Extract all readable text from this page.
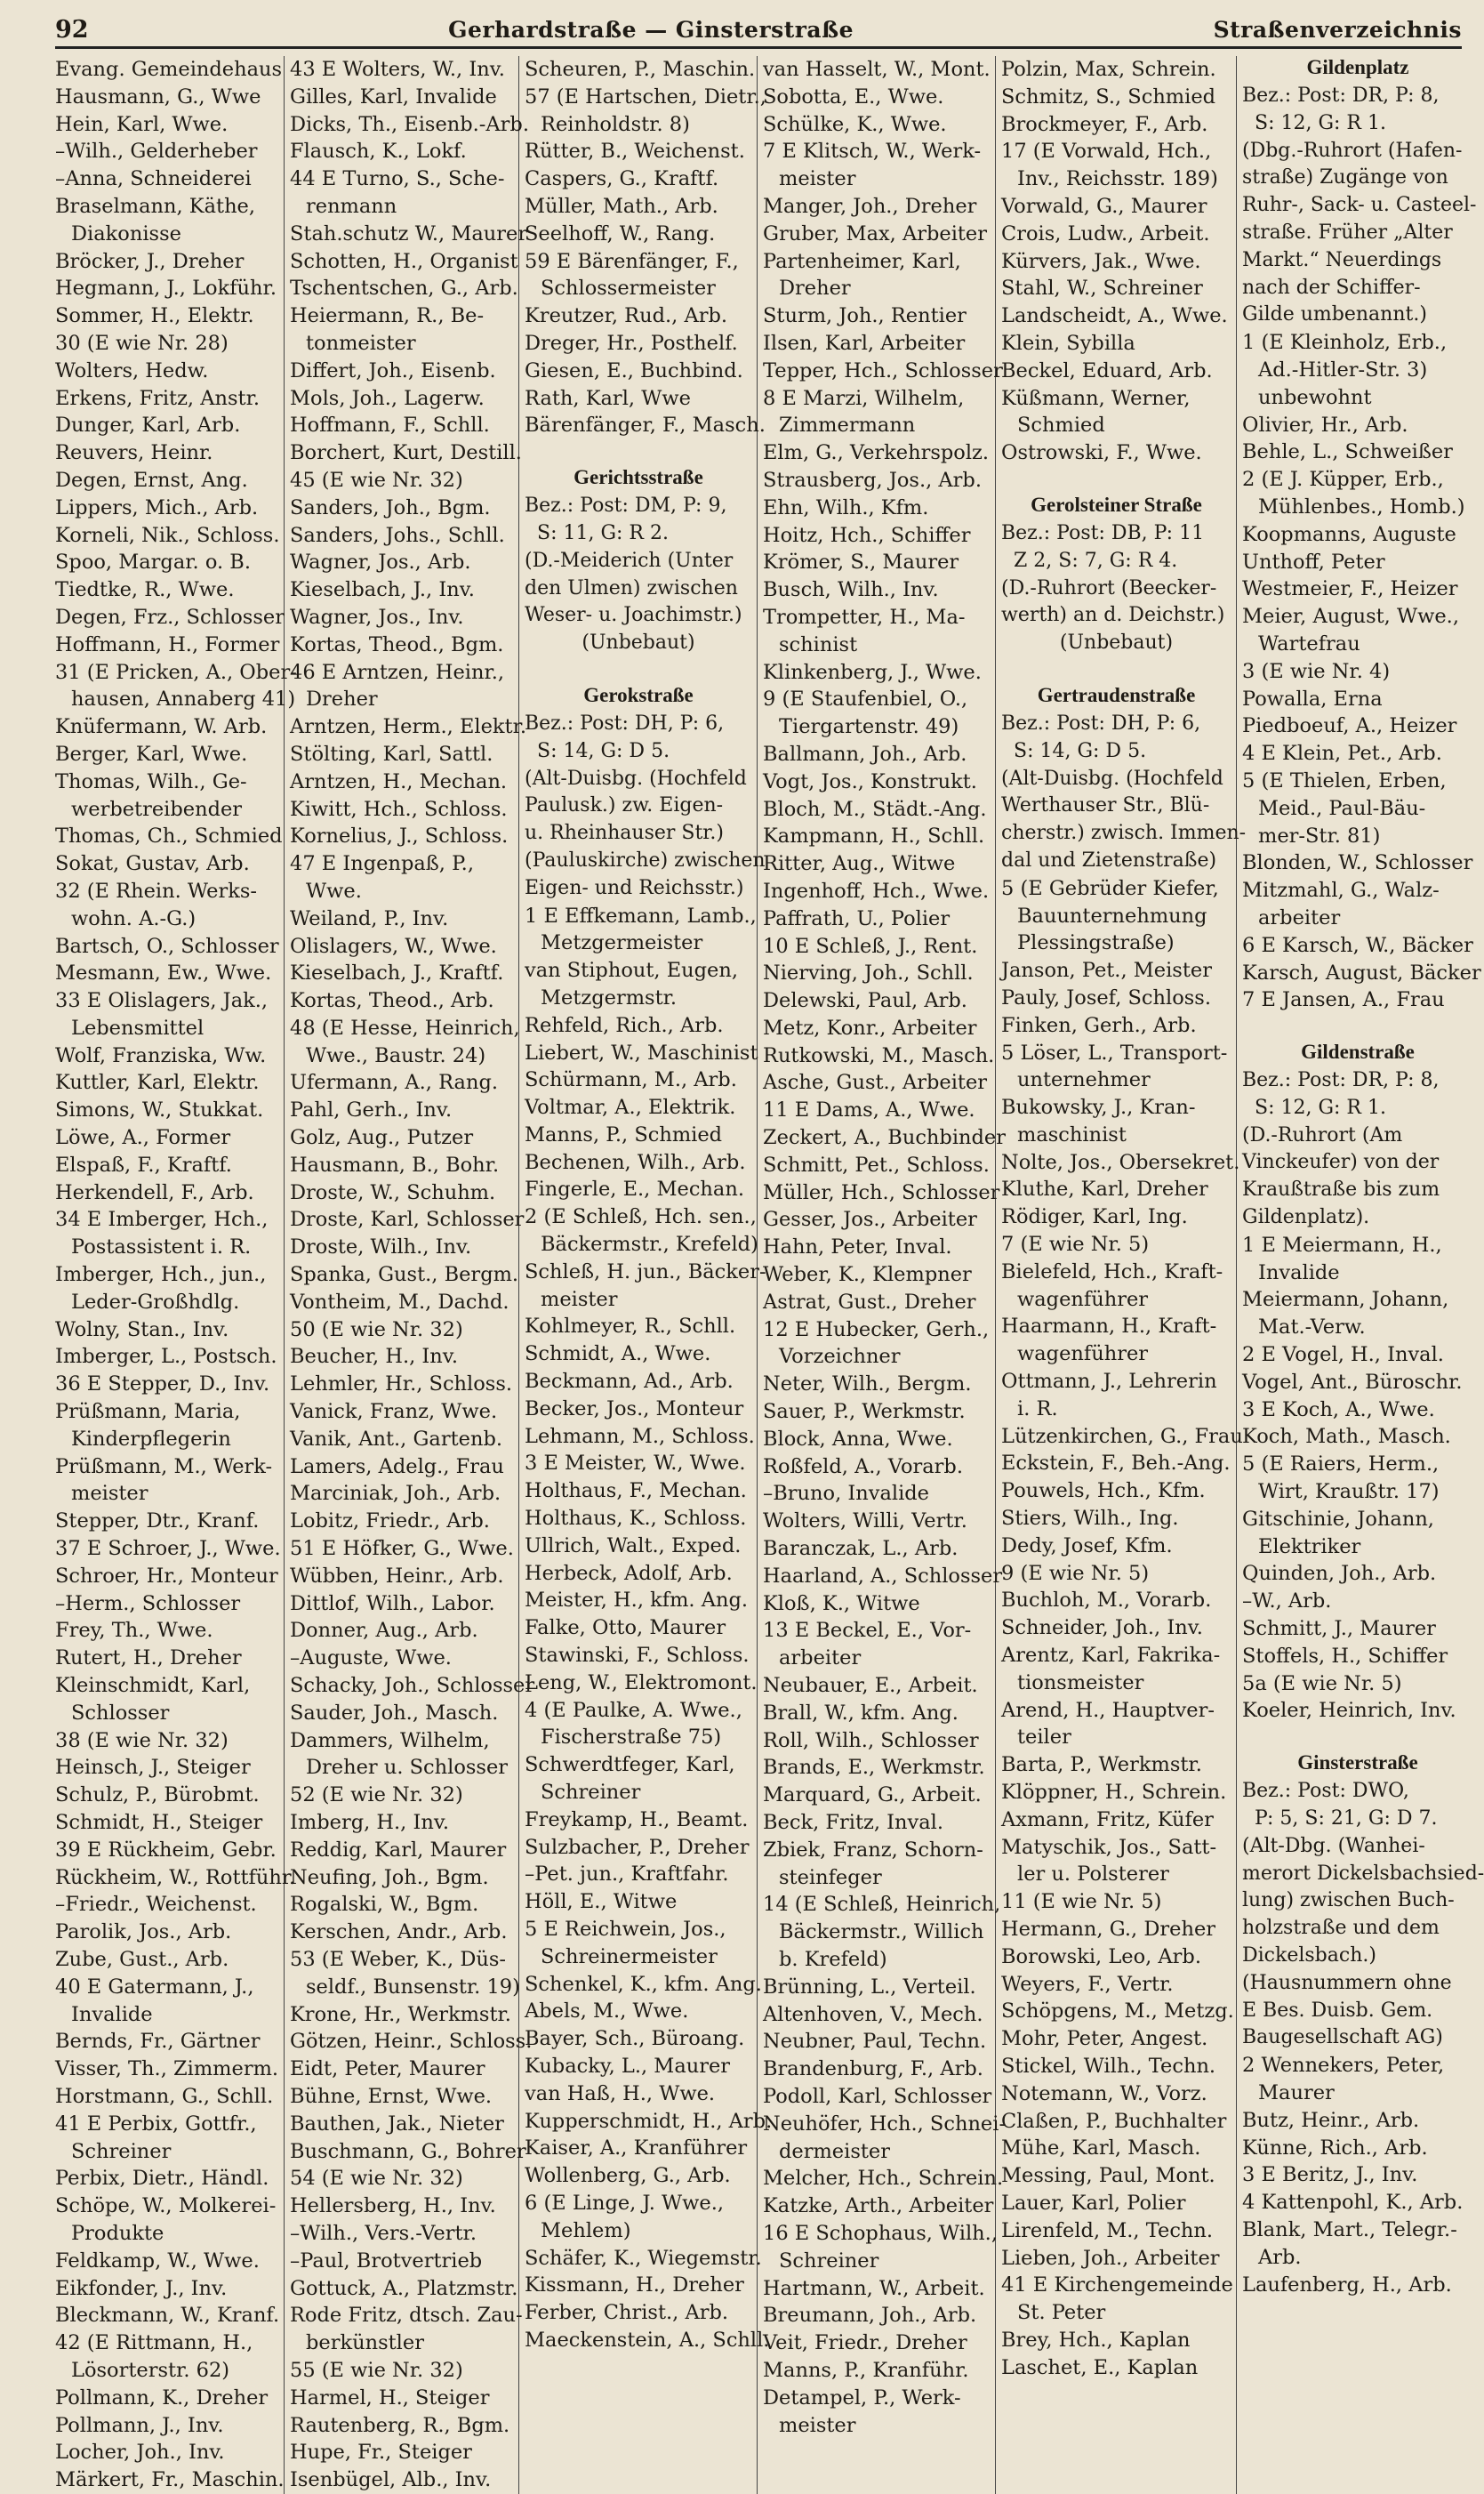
92	Gerhardstraße — Ginsterstraße	Straßenverzeichnis
Evang. Gemeindehaus
Hausmann, G., Wwe
Hein, Karl, Wwe.
–Wilh., Gelderheber
–Anna, Schneiderei
Braselmann, Käthe,
Diakonisse
Bröcker, J., Dreher
Hegmann, J., Lokführ.
Sommer, H., Elektr.
30 (E wie Nr. 28)
Wolters, Hedw.
Erkens, Fritz, Anstr.
Dunger, Karl, Arb.
Reuvers, Heinr.
Degen, Ernst, Ang.
Lippers, Mich., Arb.
Korneli, Nik., Schloss.
Spoo, Margar. o. B.
Tiedtke, R., Wwe.
Degen, Frz., Schlosser
Hoffmann, H., Former
31 (E Pricken, A., Ober-
hausen, Annaberg 41)
Knüfermann, W. Arb.
Berger, Karl, Wwe.
Thomas, Wilh., Ge-
werbetreibender
Thomas, Ch., Schmied
Sokat, Gustav, Arb.
32 (E Rhein. Werks-
wohn. A.-G.)
Bartsch, O., Schlosser
Mesmann, Ew., Wwe.
33 E Olislagers, Jak.,
Lebensmittel
Wolf, Franziska, Ww.
Kuttler, Karl, Elektr.
Simons, W., Stukkat.
Löwe, A., Former
Elspaß, F., Kraftf.
Herkendell, F., Arb.
34 E Imberger, Hch.,
Postassistent i. R.
Imberger, Hch., jun.,
Leder-Großhdlg.
Wolny, Stan., Inv.
Imberger, L., Postsch.
36 E Stepper, D., Inv.
Prüßmann, Maria,
Kinderpflegerin
Prüßmann, M., Werk-
meister
Stepper, Dtr., Kranf.
37 E Schroer, J., Wwe.
Schroer, Hr., Monteur
–Herm., Schlosser
Frey, Th., Wwe.
Rutert, H., Dreher
Kleinschmidt, Karl,
Schlosser
38 (E wie Nr. 32)
Heinsch, J., Steiger
Schulz, P., Bürobmt.
Schmidt, H., Steiger
39 E Rückheim, Gebr.
Rückheim, W., Rottführ.
–Friedr., Weichenst.
Parolik, Jos., Arb.
Zube, Gust., Arb.
40 E Gatermann, J.,
Invalide
Bernds, Fr., Gärtner
Visser, Th., Zimmerm.
Horstmann, G., Schll.
41 E Perbix, Gottfr.,
Schreiner
Perbix, Dietr., Händl.
Schöpe, W., Molkerei-
Produkte
Feldkamp, W., Wwe.
Eikfonder, J., Inv.
Bleckmann, W., Kranf.
42 (E Rittmann, H.,
Lösorterstr. 62)
Pollmann, K., Dreher
Pollmann, J., Inv.
Locher, Joh., Inv.
Märkert, Fr., Maschin.
43 E Wolters, W., Inv.
Gilles, Karl, Invalide
Dicks, Th., Eisenb.-Arb.
Flausch, K., Lokf.
44 E Turno, S., Sche-
renmann
Stah.schutz W., Maurer
Schotten, H., Organist
Tschentschen, G., Arb.
Heiermann, R., Be-
tonmeister
Differt, Joh., Eisenb.
Mols, Joh., Lagerw.
Hoffmann, F., Schll.
Borchert, Kurt, Destill.
45 (E wie Nr. 32)
Sanders, Joh., Bgm.
Sanders, Johs., Schll.
Wagner, Jos., Arb.
Kieselbach, J., Inv.
Wagner, Jos., Inv.
Kortas, Theod., Bgm.
46 E Arntzen, Heinr.,
Dreher
Arntzen, Herm., Elektr.
Stölting, Karl, Sattl.
Arntzen, H., Mechan.
Kiwitt, Hch., Schloss.
Kornelius, J., Schloss.
47 E Ingenpaß, P.,
Wwe.
Weiland, P., Inv.
Olislagers, W., Wwe.
Kieselbach, J., Kraftf.
Kortas, Theod., Arb.
48 (E Hesse, Heinrich,
Wwe., Baustr. 24)
Ufermann, A., Rang.
Pahl, Gerh., Inv.
Golz, Aug., Putzer
Hausmann, B., Bohr.
Droste, W., Schuhm.
Droste, Karl, Schlosser
Droste, Wilh., Inv.
Spanka, Gust., Bergm.
Vontheim, M., Dachd.
50 (E wie Nr. 32)
Beucher, H., Inv.
Lehmler, Hr., Schloss.
Vanick, Franz, Wwe.
Vanik, Ant., Gartenb.
Lamers, Adelg., Frau
Marciniak, Joh., Arb.
Lobitz, Friedr., Arb.
51 E Höfker, G., Wwe.
Wübben, Heinr., Arb.
Dittlof, Wilh., Labor.
Donner, Aug., Arb.
–Auguste, Wwe.
Schacky, Joh., Schlosser
Sauder, Joh., Masch.
Dammers, Wilhelm,
Dreher u. Schlosser
52 (E wie Nr. 32)
Imberg, H., Inv.
Reddig, Karl, Maurer
Neufing, Joh., Bgm.
Rogalski, W., Bgm.
Kerschen, Andr., Arb.
53 (E Weber, K., Düs-
seldf., Bunsenstr. 19)
Krone, Hr., Werkmstr.
Götzen, Heinr., Schloss.
Eidt, Peter, Maurer
Bühne, Ernst, Wwe.
Bauthen, Jak., Nieter
Buschmann, G., Bohrer
54 (E wie Nr. 32)
Hellersberg, H., Inv.
–Wilh., Vers.-Vertr.
–Paul, Brotvertrieb
Gottuck, A., Platzmstr.
Rode Fritz, dtsch. Zau-
berkünstler
55 (E wie Nr. 32)
Harmel, H., Steiger
Rautenberg, R., Bgm.
Hupe, Fr., Steiger
Isenbügel, Alb., Inv.
Scheuren, P., Maschin.
57 (E Hartschen, Dietr.,
Reinholdstr. 8)
Rütter, B., Weichenst.
Caspers, G., Kraftf.
Müller, Math., Arb.
Seelhoff, W., Rang.
59 E Bärenfänger, F.,
Schlossermeister
Kreutzer, Rud., Arb.
Dreger, Hr., Posthelf.
Giesen, E., Buchbind.
Rath, Karl, Wwe
Bärenfänger, F., Masch.
Gerichtsstraße
Bez.: Post: DM, P: 9,
S: 11, G: R 2.
(D.-Meiderich (Unter
den Ulmen) zwischen
Weser- u. Joachimstr.)
(Unbebaut)
Gerokstraße
Bez.: Post: DH, P: 6,
S: 14, G: D 5.
(Alt-Duisbg. (Hochfeld
Paulusk.) zw. Eigen-
u. Rheinhauser Str.)
(Pauluskirche) zwischen
Eigen- und Reichsstr.)
1 E Effkemann, Lamb.,
Metzgermeister
van Stiphout, Eugen,
Metzgermstr.
Rehfeld, Rich., Arb.
Liebert, W., Maschinist
Schürmann, M., Arb.
Voltmar, A., Elektrik.
Manns, P., Schmied
Bechenen, Wilh., Arb.
Fingerle, E., Mechan.
2 (E Schleß, Hch. sen.,
Bäckermstr., Krefeld)
Schleß, H. jun., Bäcker-
meister
Kohlmeyer, R., Schll.
Schmidt, A., Wwe.
Beckmann, Ad., Arb.
Becker, Jos., Monteur
Lehmann, M., Schloss.
3 E Meister, W., Wwe.
Holthaus, F., Mechan.
Holthaus, K., Schloss.
Ullrich, Walt., Exped.
Herbeck, Adolf, Arb.
Meister, H., kfm. Ang.
Falke, Otto, Maurer
Stawinski, F., Schloss.
Leng, W., Elektromont.
4 (E Paulke, A. Wwe.,
Fischerstraße 75)
Schwerdtfeger, Karl,
Schreiner
Freykamp, H., Beamt.
Sulzbacher, P., Dreher
–Pet. jun., Kraftfahr.
Höll, E., Witwe
5 E Reichwein, Jos.,
Schreinermeister
Schenkel, K., kfm. Ang.
Abels, M., Wwe.
Bayer, Sch., Büroang.
Kubacky, L., Maurer
van Haß, H., Wwe.
Kupperschmidt, H., Arb.
Kaiser, A., Kranführer
Wollenberg, G., Arb.
6 (E Linge, J. Wwe.,
Mehlem)
Schäfer, K., Wiegemstr.
Kissmann, H., Dreher
Ferber, Christ., Arb.
Maeckenstein, A., Schll.
van Hasselt, W., Mont.
Sobotta, E., Wwe.
Schülke, K., Wwe.
7 E Klitsch, W., Werk-
meister
Manger, Joh., Dreher
Gruber, Max, Arbeiter
Partenheimer, Karl,
Dreher
Sturm, Joh., Rentier
Ilsen, Karl, Arbeiter
Tepper, Hch., Schlosser
8 E Marzi, Wilhelm,
Zimmermann
Elm, G., Verkehrspolz.
Strausberg, Jos., Arb.
Ehn, Wilh., Kfm.
Hoitz, Hch., Schiffer
Krömer, S., Maurer
Busch, Wilh., Inv.
Trompetter, H., Ma-
schinist
Klinkenberg, J., Wwe.
9 (E Staufenbiel, O.,
Tiergartenstr. 49)
Ballmann, Joh., Arb.
Vogt, Jos., Konstrukt.
Bloch, M., Städt.-Ang.
Kampmann, H., Schll.
Ritter, Aug., Witwe
Ingenhoff, Hch., Wwe.
Paffrath, U., Polier
10 E Schleß, J., Rent.
Nierving, Joh., Schll.
Delewski, Paul, Arb.
Metz, Konr., Arbeiter
Rutkowski, M., Masch.
Asche, Gust., Arbeiter
11 E Dams, A., Wwe.
Zeckert, A., Buchbinder
Schmitt, Pet., Schloss.
Müller, Hch., Schlosser
Gesser, Jos., Arbeiter
Hahn, Peter, Inval.
Weber, K., Klempner
Astrat, Gust., Dreher
12 E Hubecker, Gerh.,
Vorzeichner
Neter, Wilh., Bergm.
Sauer, P., Werkmstr.
Block, Anna, Wwe.
Roßfeld, A., Vorarb.
–Bruno, Invalide
Wolters, Willi, Vertr.
Baranczak, L., Arb.
Haarland, A., Schlosser
Kloß, K., Witwe
13 E Beckel, E., Vor-
arbeiter
Neubauer, E., Arbeit.
Brall, W., kfm. Ang.
Roll, Wilh., Schlosser
Brands, E., Werkmstr.
Marquard, G., Arbeit.
Beck, Fritz, Inval.
Zbiek, Franz, Schorn-
steinfeger
14 (E Schleß, Heinrich,
Bäckermstr., Willich
b. Krefeld)
Brünning, L., Verteil.
Altenhoven, V., Mech.
Neubner, Paul, Techn.
Brandenburg, F., Arb.
Podoll, Karl, Schlosser
Neuhöfer, Hch., Schnei-
dermeister
Melcher, Hch., Schrein.
Katzke, Arth., Arbeiter
16 E Schophaus, Wilh.,
Schreiner
Hartmann, W., Arbeit.
Breumann, Joh., Arb.
Veit, Friedr., Dreher
Manns, P., Kranführ.
Detampel, P., Werk-
meister
Polzin, Max, Schrein.
Schmitz, S., Schmied
Brockmeyer, F., Arb.
17 (E Vorwald, Hch.,
Inv., Reichsstr. 189)
Vorwald, G., Maurer
Crois, Ludw., Arbeit.
Kürvers, Jak., Wwe.
Stahl, W., Schreiner
Landscheidt, A., Wwe.
Klein, Sybilla
Beckel, Eduard, Arb.
Küßmann, Werner,
Schmied
Ostrowski, F., Wwe.
Gerolsteiner Straße
Bez.: Post: DB, P: 11
Z 2, S: 7, G: R 4.
(D.-Ruhrort (Beecker-
werth) an d. Deichstr.)
(Unbebaut)
Gertraudenstraße
Bez.: Post: DH, P: 6,
S: 14, G: D 5.
(Alt-Duisbg. (Hochfeld
Werthauser Str., Blü-
cherstr.) zwisch. Immen-
dal und Zietenstraße)
5 (E Gebrüder Kiefer,
Bauunternehmung
Plessingstraße)
Janson, Pet., Meister
Pauly, Josef, Schloss.
Finken, Gerh., Arb.
5 Löser, L., Transport-
unternehmer
Bukowsky, J., Kran-
maschinist
Nolte, Jos., Obersekret.
Kluthe, Karl, Dreher
Rödiger, Karl, Ing.
7 (E wie Nr. 5)
Bielefeld, Hch., Kraft-
wagenführer
Haarmann, H., Kraft-
wagenführer
Ottmann, J., Lehrerin
i. R.
Lützenkirchen, G., Frau
Eckstein, F., Beh.-Ang.
Pouwels, Hch., Kfm.
Stiers, Wilh., Ing.
Dedy, Josef, Kfm.
9 (E wie Nr. 5)
Buchloh, M., Vorarb.
Schneider, Joh., Inv.
Arentz, Karl, Fakrika-
tionsmeister
Arend, H., Hauptver-
teiler
Barta, P., Werkmstr.
Klöppner, H., Schrein.
Axmann, Fritz, Küfer
Matyschik, Jos., Satt-
ler u. Polsterer
11 (E wie Nr. 5)
Hermann, G., Dreher
Borowski, Leo, Arb.
Weyers, F., Vertr.
Schöpgens, M., Metzg.
Mohr, Peter, Angest.
Stickel, Wilh., Techn.
Notemann, W., Vorz.
Claßen, P., Buchhalter
Mühe, Karl, Masch.
Messing, Paul, Mont.
Lauer, Karl, Polier
Lirenfeld, M., Techn.
Lieben, Joh., Arbeiter
41 E Kirchengemeinde
St. Peter
Brey, Hch., Kaplan
Laschet, E., Kaplan
Gildenplatz
Bez.: Post: DR, P: 8,
S: 12, G: R 1.
(Dbg.-Ruhrort (Hafen-
straße) Zugänge von
Ruhr-, Sack- u. Casteel-
straße. Früher „Alter
Markt.“ Neuerdings
nach der Schiffer-
Gilde umbenannt.)
1 (E Kleinholz, Erb.,
Ad.-Hitler-Str. 3)
unbewohnt
Olivier, Hr., Arb.
Behle, L., Schweißer
2 (E J. Küpper, Erb.,
Mühlenbes., Homb.)
Koopmanns, Auguste
Unthoff, Peter
Westmeier, F., Heizer
Meier, August, Wwe.,
Wartefrau
3 (E wie Nr. 4)
Powalla, Erna
Piedboeuf, A., Heizer
4 E Klein, Pet., Arb.
5 (E Thielen, Erben,
Meid., Paul-Bäu-
mer-Str. 81)
Blonden, W., Schlosser
Mitzmahl, G., Walz-
arbeiter
6 E Karsch, W., Bäcker
Karsch, August, Bäcker
7 E Jansen, A., Frau
Gildenstraße
Bez.: Post: DR, P: 8,
S: 12, G: R 1.
(D.-Ruhrort (Am
Vinckeufer) von der
Kraußtraße bis zum
Gildenplatz).
1 E Meiermann, H.,
Invalide
Meiermann, Johann,
Mat.-Verw.
2 E Vogel, H., Inval.
Vogel, Ant., Büroschr.
3 E Koch, A., Wwe.
Koch, Math., Masch.
5 (E Raiers, Herm.,
Wirt, Kraußtr. 17)
Gitschinie, Johann,
Elektriker
Quinden, Joh., Arb.
–W., Arb.
Schmitt, J., Maurer
Stoffels, H., Schiffer
5a (E wie Nr. 5)
Koeler, Heinrich, Inv.
Ginsterstraße
Bez.: Post: DWO,
P: 5, S: 21, G: D 7.
(Alt-Dbg. (Wanhei-
merort Dickelsbachsied-
lung) zwischen Buch-
holzstraße und dem
Dickelsbach.)
(Hausnummern ohne
E Bes. Duisb. Gem.
Baugesellschaft AG)
2 Wennekers, Peter,
Maurer
Butz, Heinr., Arb.
Künne, Rich., Arb.
3 E Beritz, J., Inv.
4 Kattenpohl, K., Arb.
Blank, Mart., Telegr.-
Arb.
Laufenberg, H., Arb.
